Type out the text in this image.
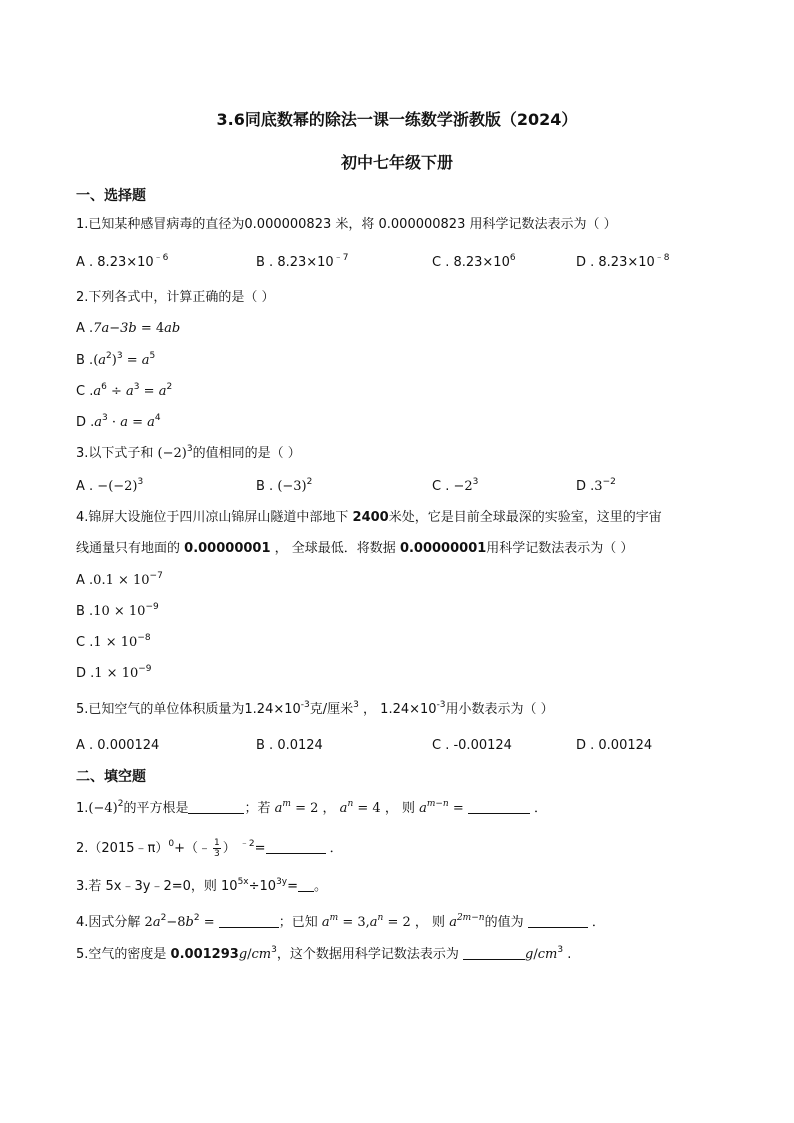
3.6同底数幂的除法一课一练数学浙教版（2024）
初中七年级下册
一、选择题
1.已知某种感冒病毒的直径为0.000000823 米，将 0.000000823 用科学记数法表示为（ ）
A . $8.23\times 10^{﹣6}$	B . $8.23\times 10^{﹣7}$	C . $8.23\times 10^6$	D . $8.23\times 10^{﹣8}$
2.下列各式中，计算正确的是（ ）
A .7a−3b = 4ab
B $.(a^2)^3 = a^5$
C $.a^6 \div a^3 = a^2$
D $.a^3 \cdot a = a^4$
3.以下式子和 $(-2)^3$的值相同的是（ ）
A . $-(-2)^3$	B . $(-3)^2$	C . $-2^3$	D $.3^{-2}$
4.锦屏大设施位于四川凉山锦屏山隧道中部地下 2400米处，它是目前全球最深的实验室，这里的宇宙
线通量只有地面的 0.00000001 ， 全球最低．将数据 0.00000001用科学记数法表示为（ ）
A $.0.1 \times 10^{-7}$
B $.10 \times 10^{-9}$
C $.1 \times 10^{-8}$
D $.1 \times 10^{-9}$
5.已知空气的单位体积质量为$1.24\times 10^{-3}$克/厘米$^3$ ， $1.24\times 10^{-3}$用小数表示为（ ）
A . 0.000124	B . 0.0124	C . -0.00124	D . 0.00124
二、填空题
$1.(-4)^2$的平方根是	；若 $a^m = 2$ ， $a^n = 4$ ， 则 $a^{m-n}$ =	．
2.（2015﹣π）$^0$+（﹣ $\frac{1}{3}$ ） $^{﹣2}$=	．
3.若 5x﹣3y﹣2=0，则 $10^{5x}\div 10^{3y}=$ 。
4.因式分解 $2a^2-8b^2$ =	；已知 $a^m = 3,a^n = 2$ ， 则 $a^{2m-n}$的值为	．
5.空气的密度是 $0.001293g/cm^3$，这个数据用科学记数法表示为	$g/cm^3$ .
